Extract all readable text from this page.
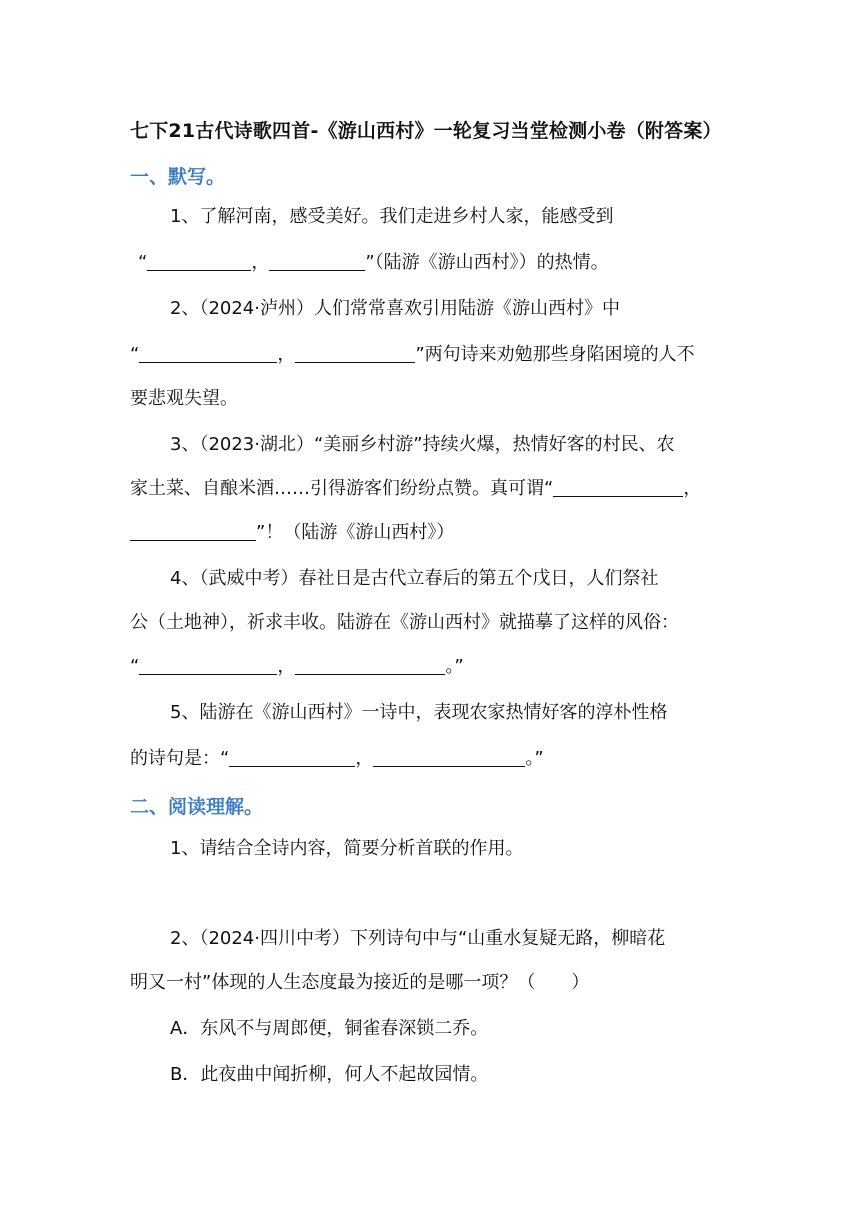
七下21古代诗歌四首-《游山西村》一轮复习当堂检测小卷（附答案）
一、默写。
1、了解河南，感受美好。我们走进乡村人家，能感受到
“	，	”（陆游《游山西村》）的热情。
2、（2024·泸州）人们常常喜欢引用陆游《游山西村》中
“	，	”两句诗来劝勉那些身陷困境的人不
要悲观失望。
3、（2023·湖北）“美丽乡村游”持续火爆，热情好客的村民、农
家土菜、自酿米酒……引得游客们纷纷点赞。真可谓“	，
”！（陆游《游山西村》）
4、（武威中考）春社日是古代立春后的第五个戊日，人们祭社
公（土地神），祈求丰收。陆游在《游山西村》就描摹了这样的风俗：
“	，	。”
5、陆游在《游山西村》一诗中，表现农家热情好客的淳朴性格
的诗句是：“	，	。”
二、阅读理解。
1、请结合全诗内容，简要分析首联的作用。
2、（2024·四川中考）下列诗句中与“山重水复疑无路，柳暗花
明又一村”体现的人生态度最为接近的是哪一项？（　　）
A．东风不与周郎便，铜雀春深锁二乔。
B．此夜曲中闻折柳，何人不起故园情。
